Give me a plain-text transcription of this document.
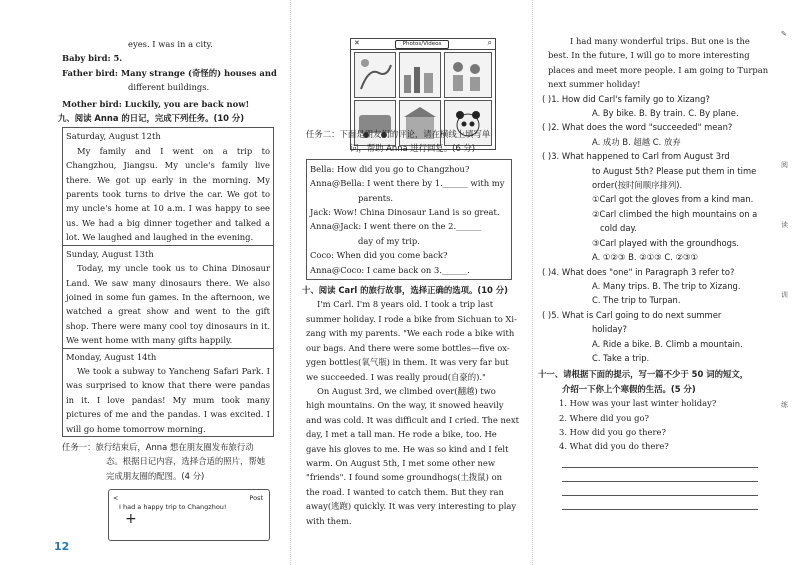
eyes. I was in a city.
Baby bird: 5.
Father bird: Many strange (奇怪的) houses and
different buildings.
Mother bird: Luckily, you are back now!
九、阅读 Anna 的日记，完成下列任务。(10 分)
Saturday, August 12th
My family and I went on a trip to Changzhou, Jiangsu. My uncle's family live there. We got up early in the morning. My parents took turns to drive the car. We got to my uncle's home at 10 a.m. I was happy to see us. We had a big dinner together and talked a lot. We laughed and laughed in the evening.
Sunday, August 13th
Today, my uncle took us to China Dinosaur Land. We saw many dinosaurs there. We also joined in some fun games. In the afternoon, we watched a great show and went to the gift shop. There were many cool toy dinosaurs in it. We went home with many gifts happily.
Monday, August 14th
We took a subway to Yancheng Safari Park. I was surprised to know that there were pandas in it. I love pandas! My mum took many pictures of me and the pandas. I was excited. I will go home tomorrow morning.
任务一：旅行结束后，Anna 想在朋友圈发布旅行动
态。根据日记内容，选择合适的照片，帮她
完成朋友圈的配图。(4 分)
<	Post
I had a happy trip to Changzhou!
+
12
✕	Photos/Videos	⌕
任务二：下面是朋友们的评论，请在横线上填写单
词，帮助 Anna 进行回复。(6 分)
Bella: How did you go to Changzhou?
Anna@Bella: I went there by 1.______ with my
parents.
Jack: Wow! China Dinosaur Land is so great.
Anna@Jack: I went there on the 2.______
day of my trip.
Coco: When did you come back?
Anna@Coco: I came back on 3.______.
十、阅读 Carl 的旅行故事，选择正确的选项。(10 分)
I'm Carl. I'm 8 years old. I took a trip last
summer holiday. I rode a bike from Sichuan to Xi-
zang with my parents. "We each rode a bike with
our bags. And there were some bottles—five ox-
ygen bottles(氧气瓶) in them. It was very far but
we succeeded. I was really proud(自豪的)."
On August 3rd, we climbed over(翻越) two
high mountains. On the way, it snowed heavily
and was cold. It was difficult and I cried. The next
day, I met a tall man. He rode a bike, too. He
gave his gloves to me. He was so kind and I felt
warm. On August 5th, I met some other new
"friends". I found some groundhogs(土拨鼠) on
the road. I wanted to catch them. But they ran
away(逃跑) quickly. It was very interesting to play
with them.
I had many wonderful trips. But one is the
best. In the future, I will go to more interesting
places and meet more people. I am going to Turpan
next summer holiday!
( )1. How did Carl's family go to Xizang?
A. By bike. B. By train. C. By plane.
( )2. What does the word "succeeded" mean?
A. 成功 B. 超越 C. 放弃
( )3. What happened to Carl from August 3rd
to August 5th? Please put them in time
order(按时间顺序排列).
①Carl got the gloves from a kind man.
②Carl climbed the high mountains on a
cold day.
③Carl played with the groundhogs.
A. ①②③ B. ②①③ C. ②③①
( )4. What does "one" in Paragraph 3 refer to?
A. Many trips. B. The trip to Xizang.
C. The trip to Turpan.
( )5. What is Carl going to do next summer
holiday?
A. Ride a bike. B. Climb a mountain.
C. Take a trip.
十一、请根据下面的提示，写一篇不少于 50 词的短文，
介绍一下你上个寒假的生活。(5 分)
1. How was your last winter holiday?
2. Where did you go?
3. How did you go there?
4. What did you do there?
✎
阅
读
训
练
